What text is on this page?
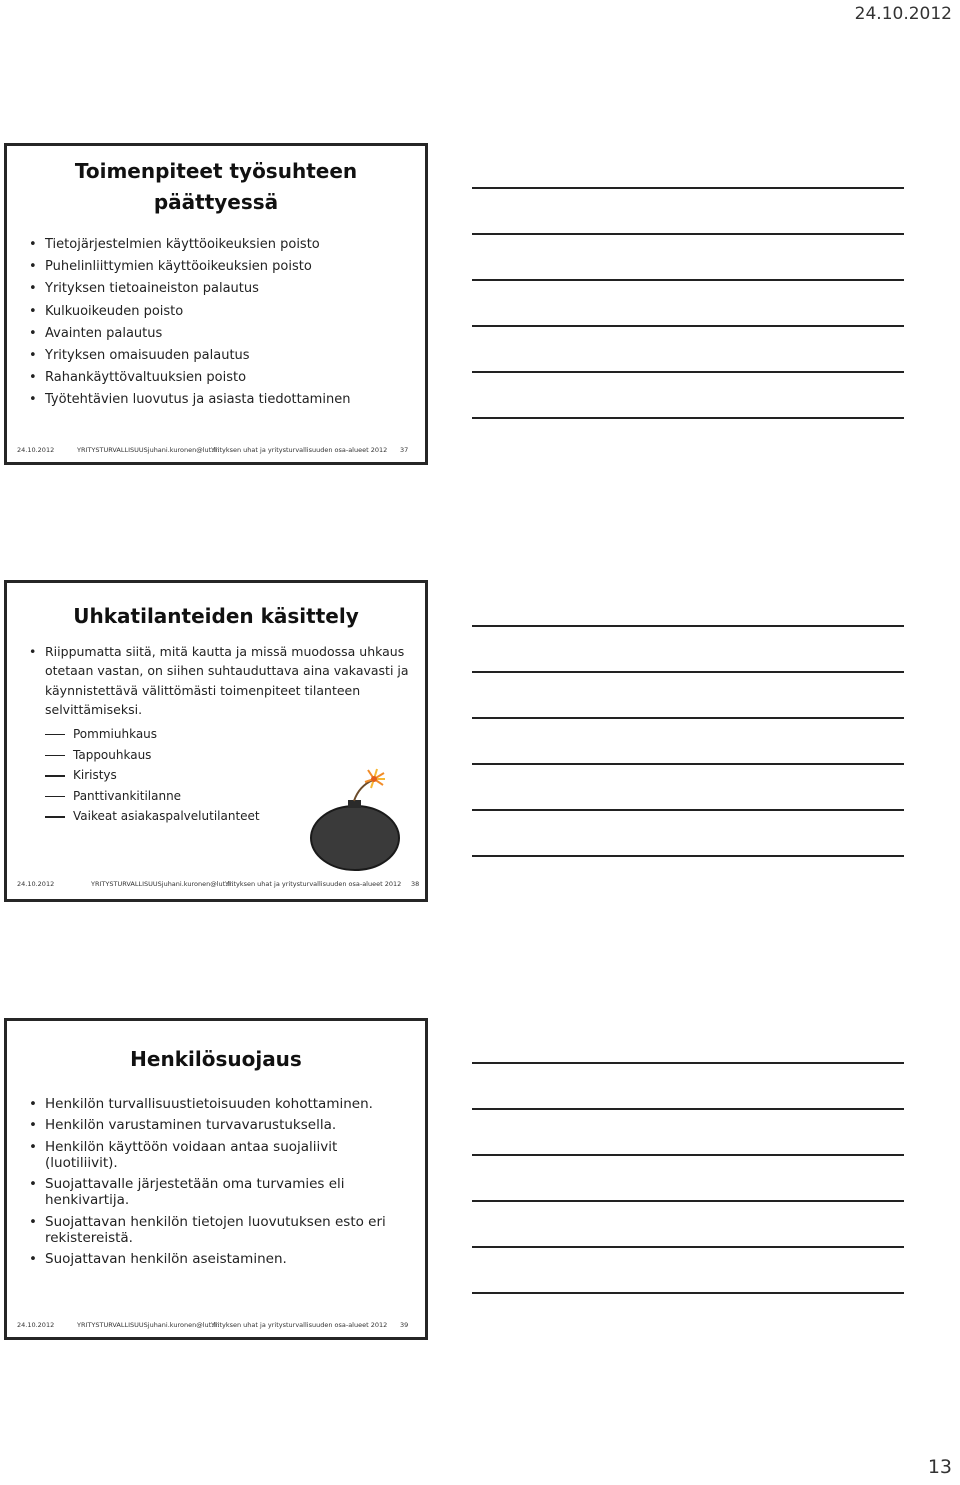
24.10.2012
Toimenpiteet työsuhteen
päättyessä
• Tietojärjestelmien käyttöoikeuksien poisto
• Puhelinliittymien käyttöoikeuksien poisto
• Yrityksen tietoaineiston palautus
• Kulkuoikeuden poisto
• Avainten palautus
• Yrityksen omaisuuden palautus
• Rahankäyttövaltuuksien poisto
• Työtehtävien luovutus ja asiasta tiedottaminen
24.10.2012	YRITYSTURVALLISUUSjuhani.kuronen@lut.fi:
Yrityksen uhat ja yritysturvallisuuden osa-alueet 2012 37
Uhkatilanteiden käsittely
• Riippumatta siitä, mitä kautta ja missä muodossa uhkaus otetaan vastan, on siihen suhtauduttava aina vakavasti ja käynnistettävä välittömästi toimenpiteet tilanteen selvittämiseksi.
Pommiuhkaus
Tappouhkaus
Kiristys
Panttivankitilanne
Vaikeat asiakaspalvelutilanteet
24.10.2012	YRITYSTURVALLISUUSjuhani.kuronen@lut.fi:
Yrityksen uhat ja yritysturvallisuuden osa-alueet 2012 38
Henkilösuojaus
• Henkilön turvallisuustietoisuuden kohottaminen.
• Henkilön varustaminen turvavarustuksella.
• Henkilön käyttöön voidaan antaa suojaliivit (luotiliivit).
• Suojattavalle järjestetään oma turvamies eli henkivartija.
• Suojattavan henkilön tietojen luovutuksen esto eri rekistereistä.
• Suojattavan henkilön aseistaminen.
24.10.2012	YRITYSTURVALLISUUSjuhani.kuronen@lut.fi:
Yrityksen uhat ja yritysturvallisuuden osa-alueet 2012 39
13
